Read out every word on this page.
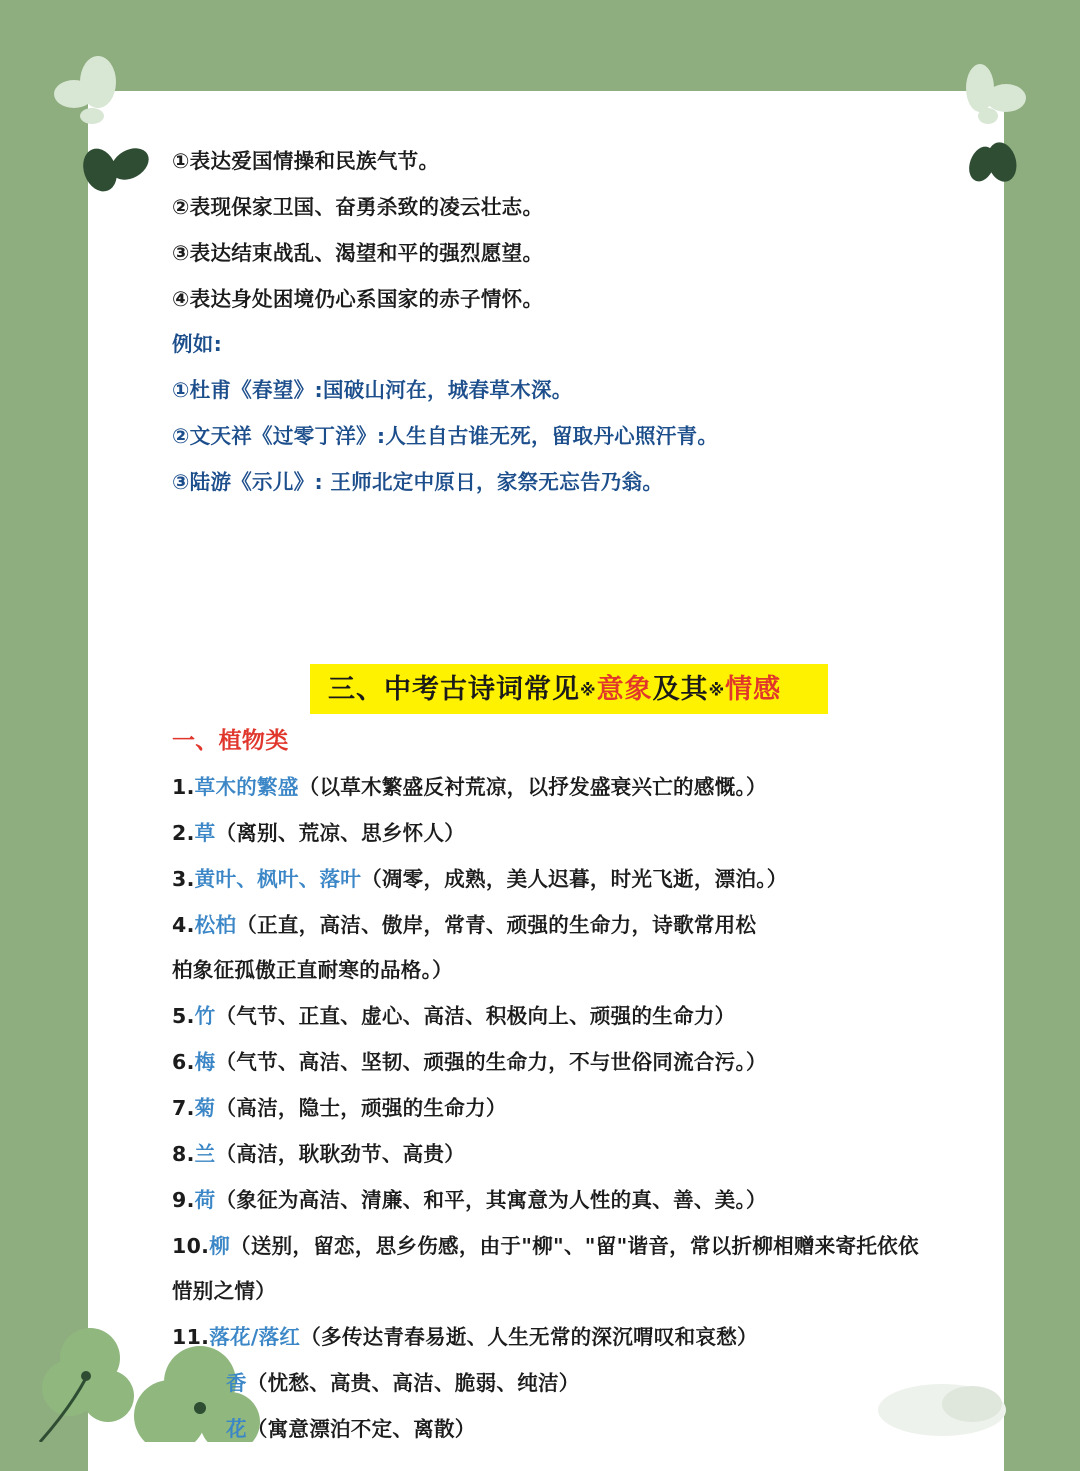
①表达爱国情操和民族气节。
②表现保家卫国、奋勇杀致的凌云壮志。
③表达结束战乱、渴望和平的强烈愿望。
④表达身处困境仍心系国家的赤子情怀。
例如:
①杜甫《春望》:国破山河在，城春草木深。
②文天祥《过零丁洋》:人生自古谁无死，留取丹心照汗青。
③陆游《示儿》: 王师北定中原日，家祭无忘告乃翁。
三、中考古诗词常见※意象及其※情感
一、植物类
1.草木的繁盛（以草木繁盛反衬荒凉，以抒发盛衰兴亡的感慨。）
2.草（离别、荒凉、思乡怀人）
3.黄叶、枫叶、落叶（凋零，成熟，美人迟暮，时光飞逝，漂泊。）
4.松柏（正直，高洁、傲岸，常青、顽强的生命力，诗歌常用松
柏象征孤傲正直耐寒的品格。）
5.竹（气节、正直、虚心、高洁、积极向上、顽强的生命力）
6.梅（气节、高洁、坚韧、顽强的生命力，不与世俗同流合污。）
7.菊（高洁，隐士，顽强的生命力）
8.兰（高洁，耿耿劲节、高贵）
9.荷（象征为高洁、清廉、和平，其寓意为人性的真、善、美。）
10.柳（送别，留恋，思乡伤感，由于"柳"、"留"谐音，常以折柳相赠来寄托依依
惜别之情）
11.落花/落红（多传达青春易逝、人生无常的深沉喟叹和哀愁）
香（忧愁、高贵、高洁、脆弱、纯洁）
花（寓意漂泊不定、离散）
